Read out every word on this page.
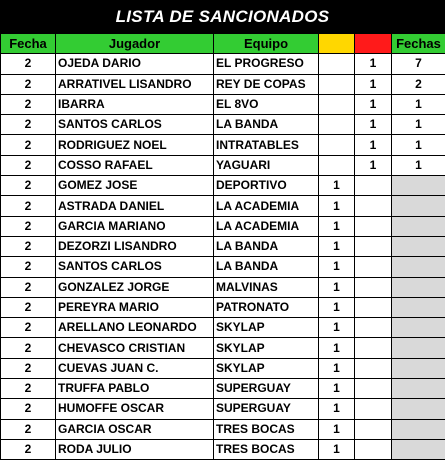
LISTA DE SANCIONADOS
Fecha	Jugador	Equipo			Fechas
2	OJEDA DARIO	EL PROGRESO		1	7
2	ARRATIVEL LISANDRO	REY DE COPAS		1	2
2	IBARRA	EL 8VO		1	1
2	SANTOS CARLOS	LA BANDA		1	1
2	RODRIGUEZ NOEL	INTRATABLES		1	1
2	COSSO RAFAEL	YAGUARI		1	1
2	GOMEZ JOSE	DEPORTIVO	1		
2	ASTRADA DANIEL	LA ACADEMIA	1		
2	GARCIA MARIANO	LA ACADEMIA	1		
2	DEZORZI LISANDRO	LA BANDA	1		
2	SANTOS CARLOS	LA BANDA	1		
2	GONZALEZ JORGE	MALVINAS	1		
2	PEREYRA MARIO	PATRONATO	1		
2	ARELLANO LEONARDO	SKYLAP	1		
2	CHEVASCO CRISTIAN	SKYLAP	1		
2	CUEVAS JUAN C.	SKYLAP	1		
2	TRUFFA PABLO	SUPERGUAY	1		
2	HUMOFFE OSCAR	SUPERGUAY	1		
2	GARCIA OSCAR	TRES BOCAS	1		
2	RODA JULIO	TRES BOCAS	1		
